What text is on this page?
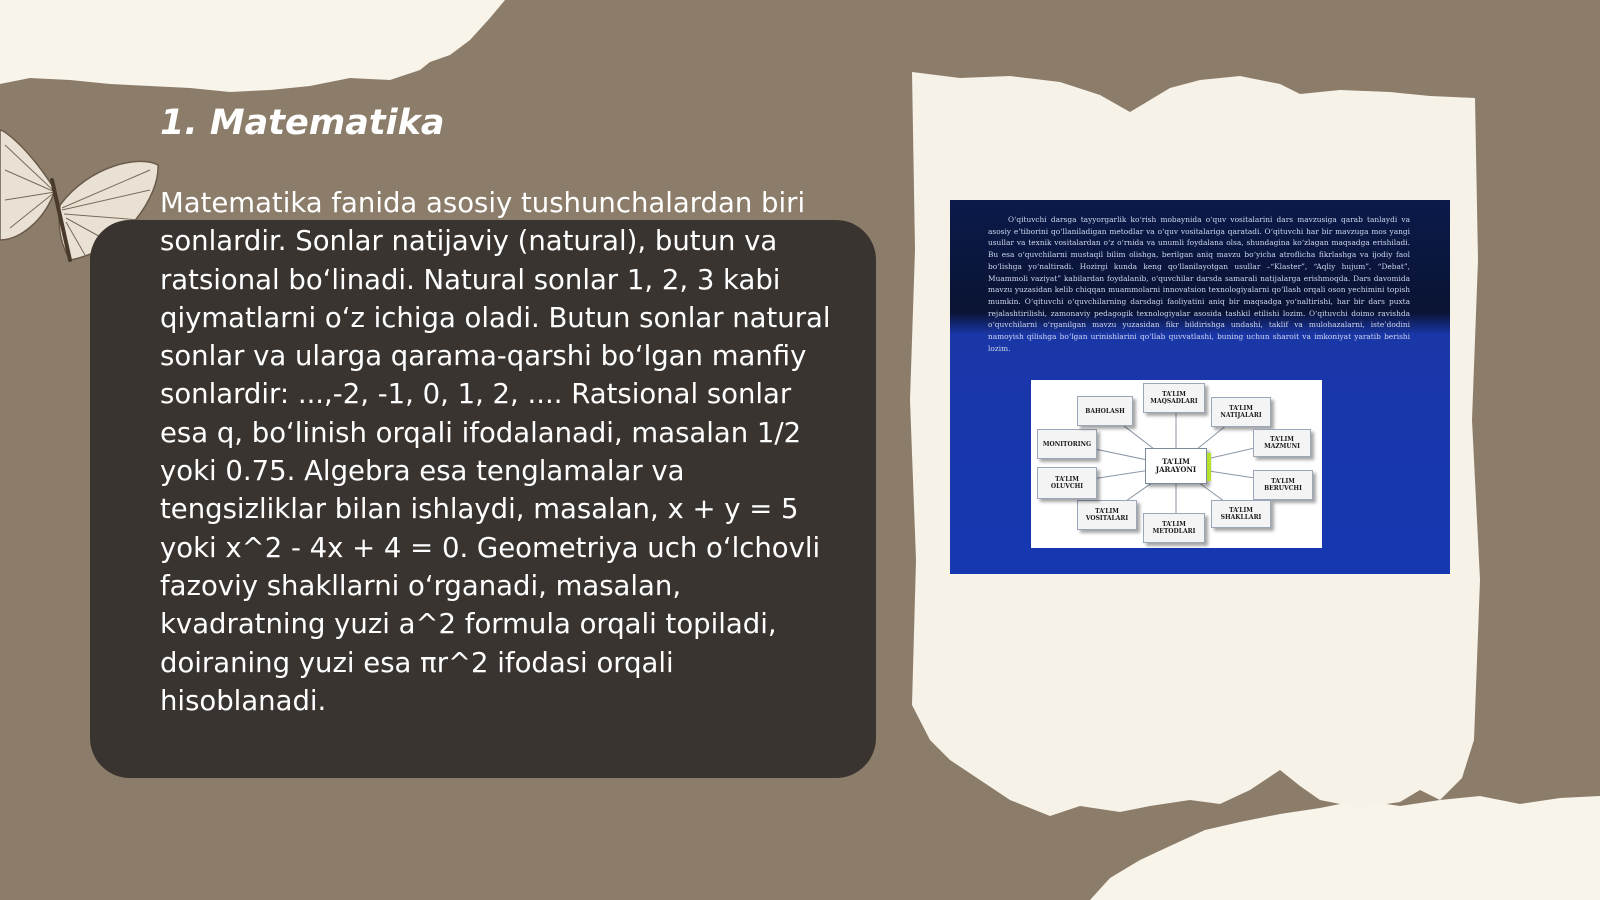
1. Matematika

Matematika fanida asosiy tushunchalardan biri sonlardir. Sonlar natijaviy (natural), butun va ratsional bo‘linadi. Natural sonlar 1, 2, 3 kabi qiymatlarni o‘z ichiga oladi. Butun sonlar natural sonlar va ularga qarama-qarshi bo‘lgan manfiy sonlardir: ...,-2, -1, 0, 1, 2, .... Ratsional sonlar esa q, bo‘linish orqali ifodalanadi, masalan 1/2 yoki 0.75. Algebra esa tenglamalar va tengsizliklar bilan ishlaydi, masalan, x + y = 5 yoki x^2 - 4x + 4 = 0. Geometriya uch o‘lchovli fazoviy shakllarni o‘rganadi, masalan, kvadratning yuzi a^2 formula orqali topiladi, doiraning yuzi esa πr^2 ifodasi orqali hisoblanadi.

O‘qituvchi darsga tayyorgarlik ko‘rish mobaynida o‘quv vositalarini dars mavzusiga qarab tanlaydi va asosiy e’tiborini qo‘llaniladigan metodlar va o‘quv vositalariga qaratadi. O‘qituvchi har bir mavzuga mos yangi usullar va texnik vositalardan o‘z o‘rnida va unumli foydalana olsa, shundagina ko‘zlagan maqsadga erishiladi. Bu esa o‘quvchilarni mustaqil bilim olishga, berilgan aniq mavzu bo‘yicha atroflicha fikrlashga va ijodiy faol bo‘lishga yo‘naltiradi. Hozirgi kunda keng qo‘llanilayotgan usullar –“Klaster”, “Aqliy hujum”, “Debat”, Muammoli vaziyat” kabilardan foydalanib, o‘quvchilar darsda samarali natijalarga erishmoqda. Dars davomida mavzu yuzasidan kelib chiqqan muammolarni innovatsion texnologiyalarni qo‘llash orqali oson yechimini topish mumkin. O‘qituvchi o‘quvchilarning darsdagi faoliyatini aniq bir maqsadga yo‘naltirishi, har bir dars puxta rejalashtirilishi, zamonaviy pedagogik texnologiyalar asosida tashkil etilishi lozim. O‘qituvchi doimo ravishda o‘quvchilarni o‘rganilgan mavzu yuzasidan fikr bildirishga undashi, taklif va mulohazalarni, iste’dodini namoyish qilishga bo‘lgan urinishlarini qo‘llab quvvatlashi, buning uchun sharoit va imkoniyat yaratib berishi lozim.

TA’LIM JARAYONI
TA’LIM MAQSADLARI
TA’LIM NATIJALARI
TA’LIM MAZMUNI
TA’LIM BERUVCHI
TA’LIM SHAKLLARI
TA’LIM METODLARI
TA’LIM VOSITALARI
TA’LIM OLUVCHI
MONITORING
BAHOLASH
